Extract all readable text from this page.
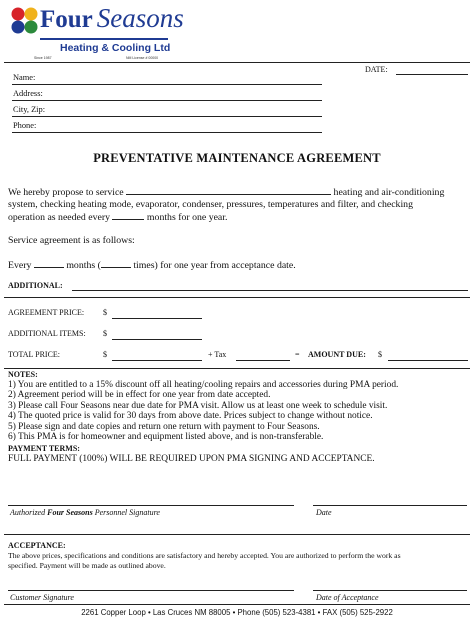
Four Seasons
Heating & Cooling Ltd
Since 1987	NM License # 00000
DATE:
Name:
Address:
City, Zip:
Phone:
PREVENTATIVE MAINTENANCE AGREEMENT
We hereby propose to service	heating and air-conditioning
system, checking heating mode, evaporator, condenser, pressures, temperatures and filter, and checking
operation as needed every	months for one year.
Service agreement is as follows:
Every	months (	times) for one year from acceptance date.
ADDITIONAL:
AGREEMENT PRICE: $
ADDITIONAL ITEMS: $
TOTAL PRICE:	$	+ Tax	= AMOUNT DUE: $
NOTES:
1) You are entitled to a 15% discount off all heating/cooling repairs and accessories during PMA period.
2) Agreement period will be in effect for one year from date accepted.
3) Please call Four Seasons near due date for PMA visit. Allow us at least one week to schedule visit.
4) The quoted price is valid for 30 days from above date. Prices subject to change without notice.
5) Please sign and date copies and return one return with payment to Four Seasons.
6) This PMA is for homeowner and equipment listed above, and is non-transferable.
PAYMENT TERMS:
FULL PAYMENT (100%) WILL BE REQUIRED UPON PMA SIGNING AND ACCEPTANCE.
Authorized Four Seasons Personnel Signature	Date
ACCEPTANCE:
The above prices, specifications and conditions are satisfactory and hereby accepted. You are authorized to perform the work as
specified. Payment will be made as outlined above.
Customer Signature	Date of Acceptance
2261 Copper Loop • Las Cruces NM 88005 • Phone (505) 523-4381 • FAX (505) 525-2922
